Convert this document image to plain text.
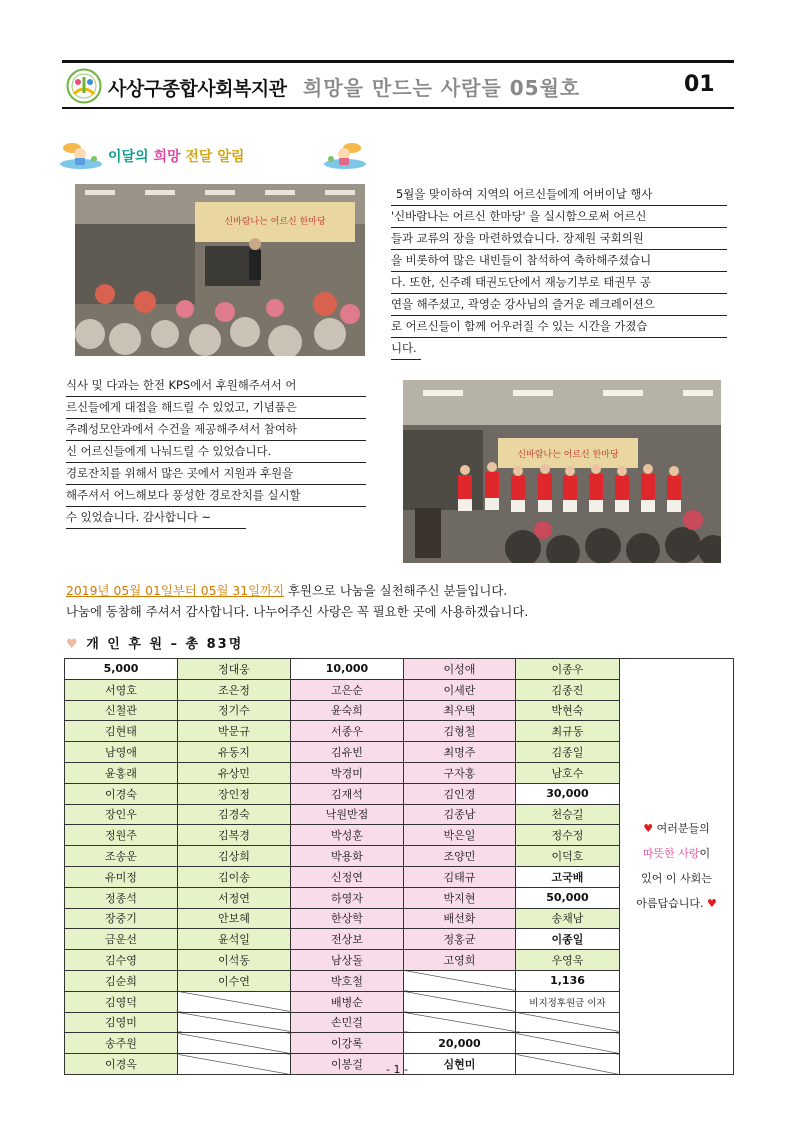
사상구종합사회복지관 희망을 만드는 사람들 05월호	01
이달의 희망 전달 알림
신바람나는 어르신 한마당
5월을 맞이하여 지역의 어르신들에게 어버이날 행사
'신바람나는 어르신 한마당' 을 실시함으로써 어르신
들과 교류의 장을 마련하였습니다. 장제원 국회의원
을 비롯하여 많은 내빈들이 참석하여 축하해주셨습니
다. 또한, 신주례 태권도단에서 재능기부로 태권무 공
연을 해주셨고, 곽영순 강사님의 즐거운 레크레이션으
로 어르신들이 함께 어우러질 수 있는 시간을 가졌습
니다.
식사 및 다과는 한전 KPS에서 후원해주셔서 어
르신들에게 대접을 해드릴 수 있었고, 기념품은
주례성모안과에서 수건을 제공해주셔서 참여하
신 어르신들에게 나눠드릴 수 있었습니다.
경로잔치를 위해서 많은 곳에서 지원과 후원을
해주셔서 어느해보다 풍성한 경로잔치를 실시할
수 있었습니다. 감사합니다 ~
신바람나는 어르신 한마당
2019년 05월 01일부터 05월 31일까지 후원으로 나눔을 실천해주신 분들입니다.
나눔에 동참해 주셔서 감사합니다. 나누어주신 사랑은 꼭 필요한 곳에 사용하겠습니다.
♥ 개 인 후 원 – 총 83명
5,000	정대웅	10,000	이성애	이종우	♥ 여러분들의
따뜻한 사랑이
있어 이 사회는
아름답습니다. ♥

서영호	조은정	고은순	이세란	김종진	
신철관	정기수	윤숙희	최우택	박현숙	
김현태	박문규	서종우	김형철	최규동	
남영애	유동지	김유빈	최명주	김종일	
윤홍래	유상민	박경미	구자홍	남호수	
이경숙	장인정	김재석	김인경	30,000	
장인우	김경숙	낙원반점	김종남	천승길	
정원주	김복경	박성훈	박은일	정수정	
조송운	김상희	박용화	조양민	이덕호	
유미정	김이송	신정연	김태규	고국배	
정종석	서정연	하영자	박지현	50,000	
장중기	안보혜	한상학	배선화	송채남	
금운선	윤석일	전상보	정홍균	이종일	
김수영	이석동	남상돌	고영희	우영욱	
김순희	이수연	박호철		1,136	
김영덕		배병순		비지정후원금 이자	
김영미		손민걸			
송주원		이강록	20,000		
이경옥		이봉걸	심현미		
- 1 -
